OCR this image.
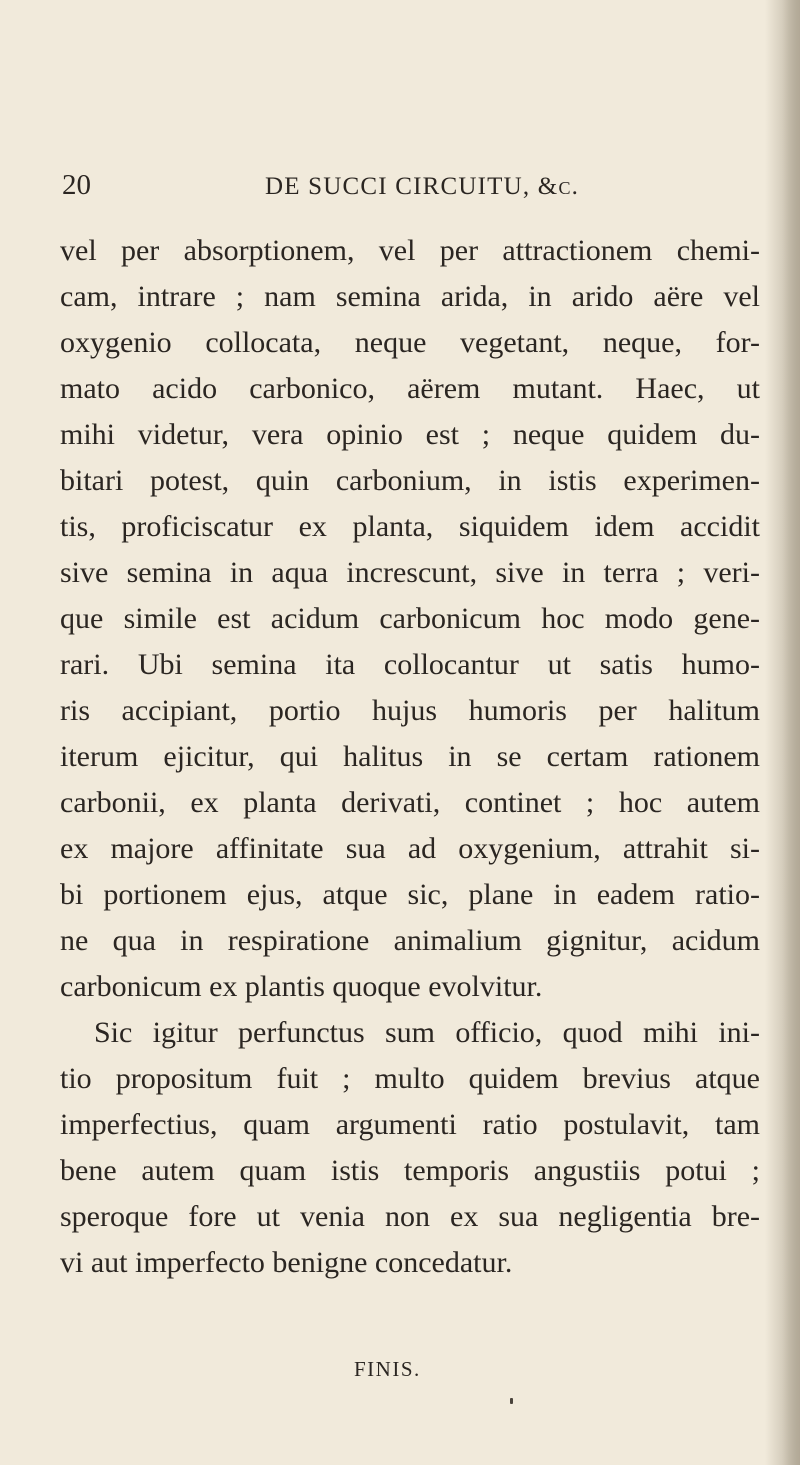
20	DE SUCCI CIRCUITU, &c.
vel per absorptionem, vel per attractionem chemi-
cam, intrare ; nam semina arida, in arido aëre vel
oxygenio collocata, neque vegetant, neque, for-
mato acido carbonico, aërem mutant. Haec, ut
mihi videtur, vera opinio est ; neque quidem du-
bitari potest, quin carbonium, in istis experimen-
tis, proficiscatur ex planta, siquidem idem accidit
sive semina in aqua increscunt, sive in terra ; veri-
que simile est acidum carbonicum hoc modo gene-
rari. Ubi semina ita collocantur ut satis humo-
ris accipiant, portio hujus humoris per halitum
iterum ejicitur, qui halitus in se certam rationem
carbonii, ex planta derivati, continet ; hoc autem
ex majore affinitate sua ad oxygenium, attrahit si-
bi portionem ejus, atque sic, plane in eadem ratio-
ne qua in respiratione animalium gignitur, acidum
carbonicum ex plantis quoque evolvitur.
Sic igitur perfunctus sum officio, quod mihi ini-
tio propositum fuit ; multo quidem brevius atque
imperfectius, quam argumenti ratio postulavit, tam
bene autem quam istis temporis angustiis potui ;
speroque fore ut venia non ex sua negligentia bre-
vi aut imperfecto benigne concedatur.
FINIS.
